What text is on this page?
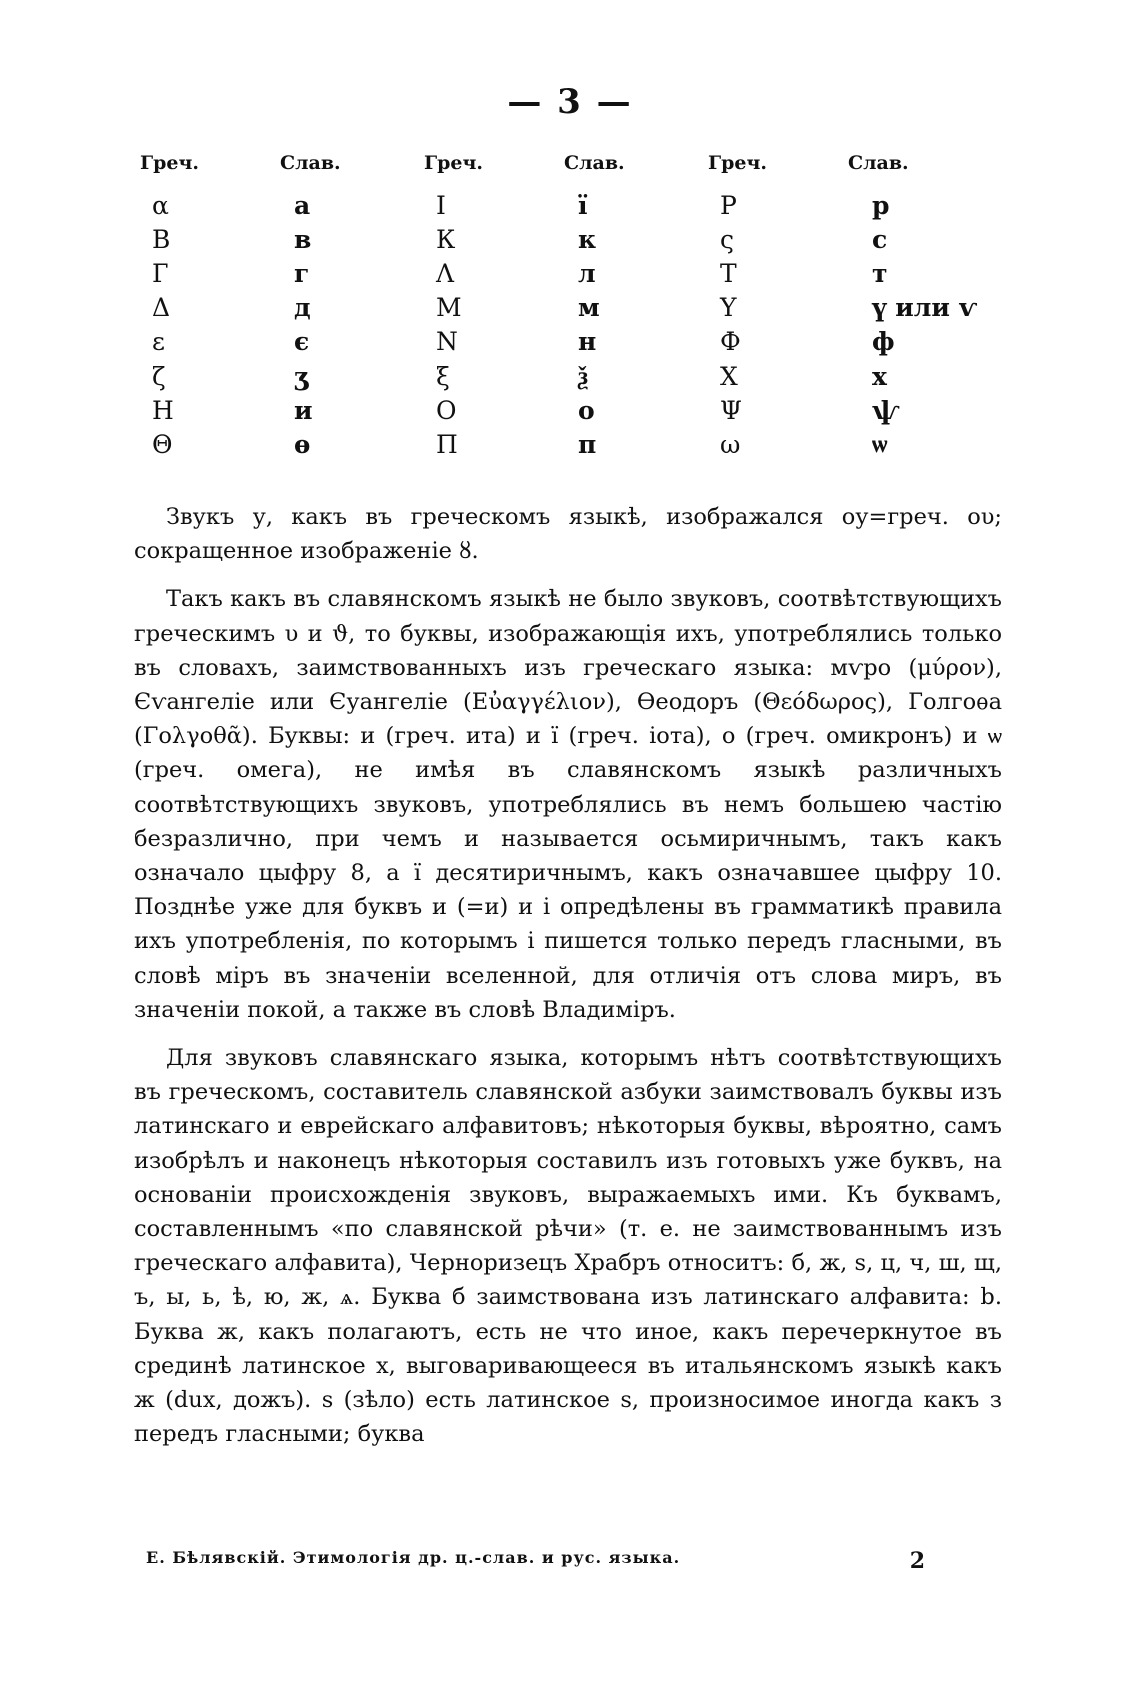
— 3 —
Греч.	Слав.	Греч.	Слав.	Греч.	Слав.
α	а	I	ї	Р	р
В	в	К	к	ς	с
Г	г	Λ	л	Т	т
Δ	д	М	м	Υ	ү или ѵ
ε	є	N	н	Ф	ф
ζ	ʒ	ξ	ѯ	Х	х
Н	и	О	о	Ψ	ѱ
Θ	ѳ	П	п	ω	ѡ

Звукъ у, какъ въ греческомъ языкѣ, изображался оу=греч. ου; сокращенное изображеніе ȣ.

Такъ какъ въ славянскомъ языкѣ не было звуковъ, соотвѣтствующихъ греческимъ υ и ϑ, то буквы, изображающія ихъ, употреблялись только въ словахъ, заимствованныхъ изъ греческаго языка: мѵро (μύρον), Єѵангеліе или Єуангеліе (Εὐαγγέλιον), Ѳеодоръ (Θεόδωρος), Голгоѳа (Γολγοθᾶ). Буквы: и (греч. ита) и ї (греч. іота), о (греч. омикронъ) и ѡ (греч. омега), не имѣя въ славянскомъ языкѣ различныхъ соотвѣтствующихъ звуковъ, употреблялись въ немъ большею частію безразлично, при чемъ и называется осьмиричнымъ, такъ какъ означало цыфру 8, а ї десятиричнымъ, какъ означавшее цыфру 10. Позднѣе уже для буквъ и (=и) и і опредѣлены въ грамматикѣ правила ихъ употребленія, по которымъ і пишется только передъ гласными, въ словѣ міръ въ значеніи вселенной, для отличія отъ слова миръ, въ значеніи покой, а также въ словѣ Владиміръ.

Для звуковъ славянскаго языка, которымъ нѣтъ соотвѣтствующихъ въ греческомъ, составитель славянской азбуки заимствовалъ буквы изъ латинскаго и еврейскаго алфавитовъ; нѣкоторыя буквы, вѣроятно, самъ изобрѣлъ и наконецъ нѣкоторыя составилъ изъ готовыхъ уже буквъ, на основаніи происхожденія звуковъ, выражаемыхъ ими. Къ буквамъ, составленнымъ «по славянской рѣчи» (т. е. не заимствованнымъ изъ греческаго алфавита), Черноризецъ Храбръ относитъ: б, ж, ѕ, ц, ч, ш, щ, ъ, ы, ь, ѣ, ю, ж, ѧ. Буква б заимствована изъ латинскаго алфавита: b. Буква ж, какъ полагаютъ, есть не что иное, какъ перечеркнутое въ срединѣ латинское x, выговаривающееся въ итальянскомъ языкѣ какъ ж (dux, дожъ). ѕ (зѣло) есть латинское s, произносимое иногда какъ з передъ гласными; буква

Е. Бѣлявскій. Этимологія др. ц.-слав. и рус. языка.	2
